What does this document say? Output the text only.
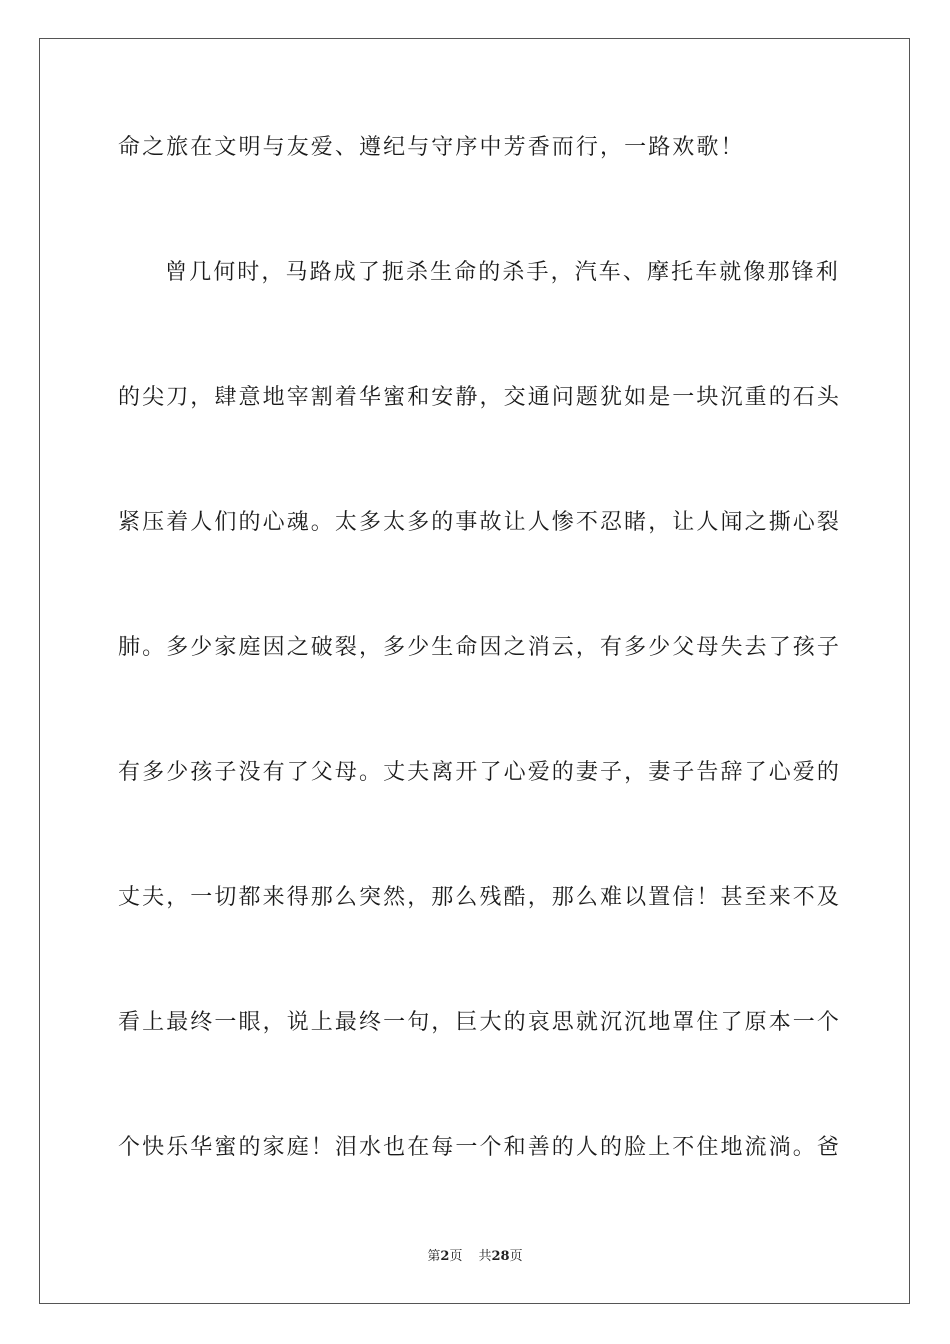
命之旅在文明与友爱、遵纪与守序中芳香而行，一路欢歌！
曾几何时，马路成了扼杀生命的杀手，汽车、摩托车就像那锋利
的尖刀，肆意地宰割着华蜜和安静，交通问题犹如是一块沉重的石头
紧压着人们的心魂。太多太多的事故让人惨不忍睹，让人闻之撕心裂
肺。多少家庭因之破裂，多少生命因之消云，有多少父母失去了孩子
有多少孩子没有了父母。丈夫离开了心爱的妻子，妻子告辞了心爱的
丈夫，一切都来得那么突然，那么残酷，那么难以置信！甚至来不及
看上最终一眼，说上最终一句，巨大的哀思就沉沉地罩住了原本一个
个快乐华蜜的家庭！泪水也在每一个和善的人的脸上不住地流淌。爸
第2页 共28页
